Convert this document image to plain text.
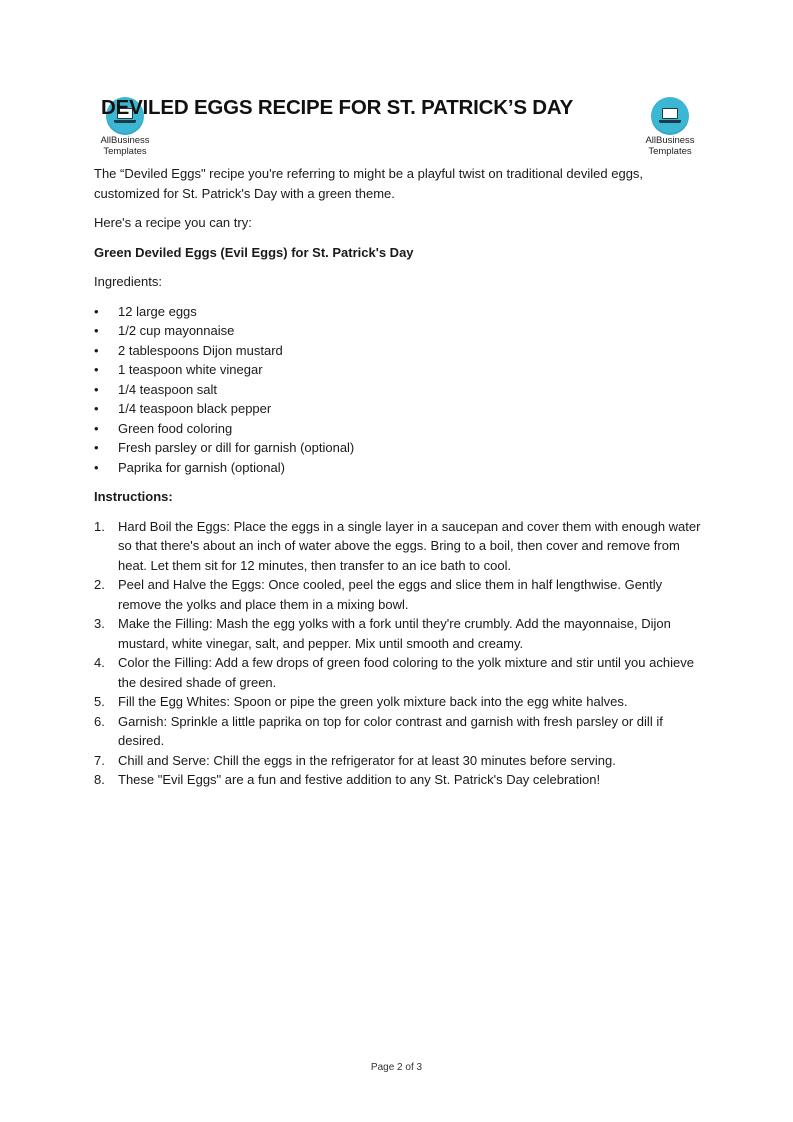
AllBusiness
Templates
DEVILED EGGS RECIPE FOR ST. PATRICK’S DAY
AllBusiness
Templates

The “Deviled Eggs" recipe you're referring to might be a playful twist on traditional deviled eggs, customized for St. Patrick's Day with a green theme.

Here's a recipe you can try:

Green Deviled Eggs (Evil Eggs) for St. Patrick's Day

Ingredients:

•	12 large eggs
•	1/2 cup mayonnaise
•	2 tablespoons Dijon mustard
•	1 teaspoon white vinegar
•	1/4 teaspoon salt
•	1/4 teaspoon black pepper
•	Green food coloring
•	Fresh parsley or dill for garnish (optional)
•	Paprika for garnish (optional)

Instructions:

1.	Hard Boil the Eggs: Place the eggs in a single layer in a saucepan and cover them with enough water so that there's about an inch of water above the eggs. Bring to a boil, then cover and remove from heat. Let them sit for 12 minutes, then transfer to an ice bath to cool.
2.	Peel and Halve the Eggs: Once cooled, peel the eggs and slice them in half lengthwise. Gently remove the yolks and place them in a mixing bowl.
3.	Make the Filling: Mash the egg yolks with a fork until they're crumbly. Add the mayonnaise, Dijon mustard, white vinegar, salt, and pepper. Mix until smooth and creamy.
4.	Color the Filling: Add a few drops of green food coloring to the yolk mixture and stir until you achieve the desired shade of green.
5.	Fill the Egg Whites: Spoon or pipe the green yolk mixture back into the egg white halves.
6.	Garnish: Sprinkle a little paprika on top for color contrast and garnish with fresh parsley or dill if desired.
7.	Chill and Serve: Chill the eggs in the refrigerator for at least 30 minutes before serving.
8.	These "Evil Eggs" are a fun and festive addition to any St. Patrick's Day celebration!
Page 2 of 3
